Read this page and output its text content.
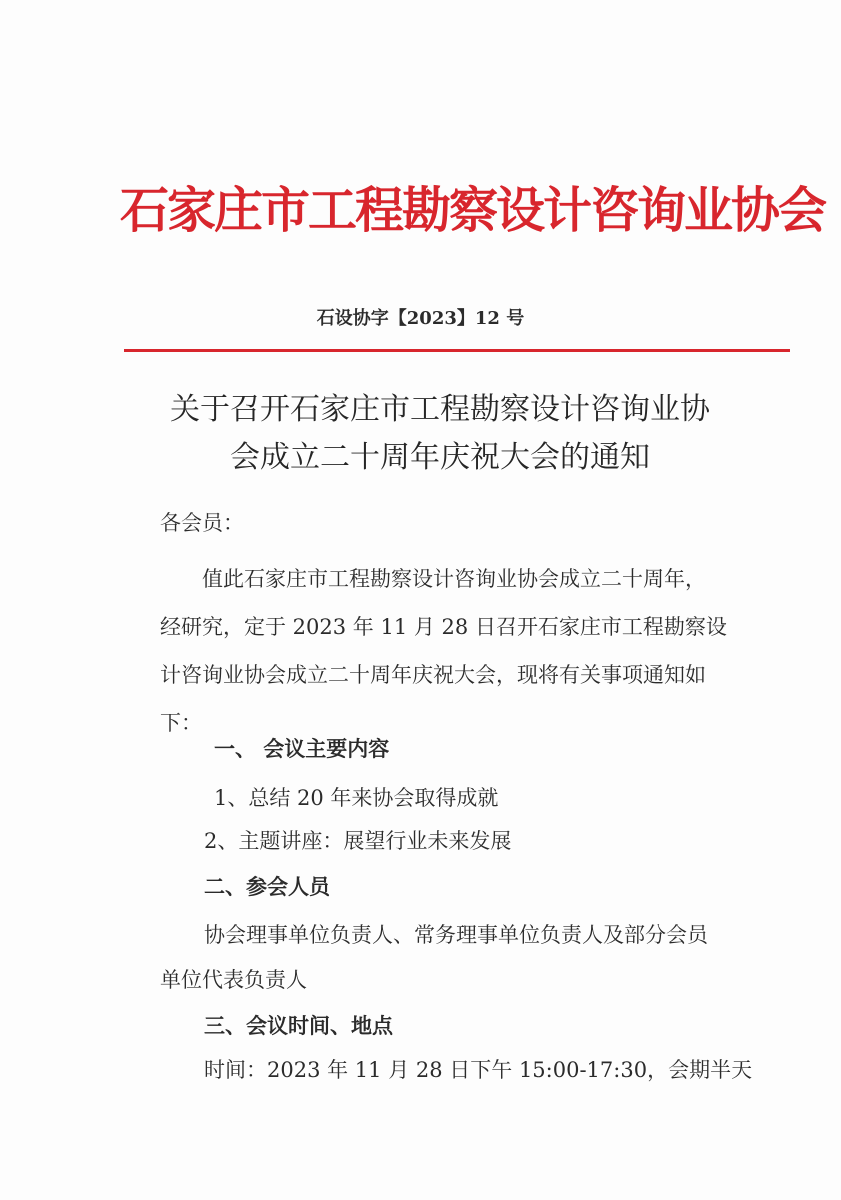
石家庄市工程勘察设计咨询业协会
石设协字【2023】12 号
关于召开石家庄市工程勘察设计咨询业协
会成立二十周年庆祝大会的通知
各会员：
值此石家庄市工程勘察设计咨询业协会成立二十周年，
经研究，定于 2023 年 11 月 28 日召开石家庄市工程勘察设
计咨询业协会成立二十周年庆祝大会，现将有关事项通知如
下：
一、 会议主要内容
1、总结 20 年来协会取得成就
2、主题讲座：展望行业未来发展
二、参会人员
协会理事单位负责人、常务理事单位负责人及部分会员
单位代表负责人
三、会议时间、地点
时间：2023 年 11 月 28 日下午 15:00-17:30，会期半天
